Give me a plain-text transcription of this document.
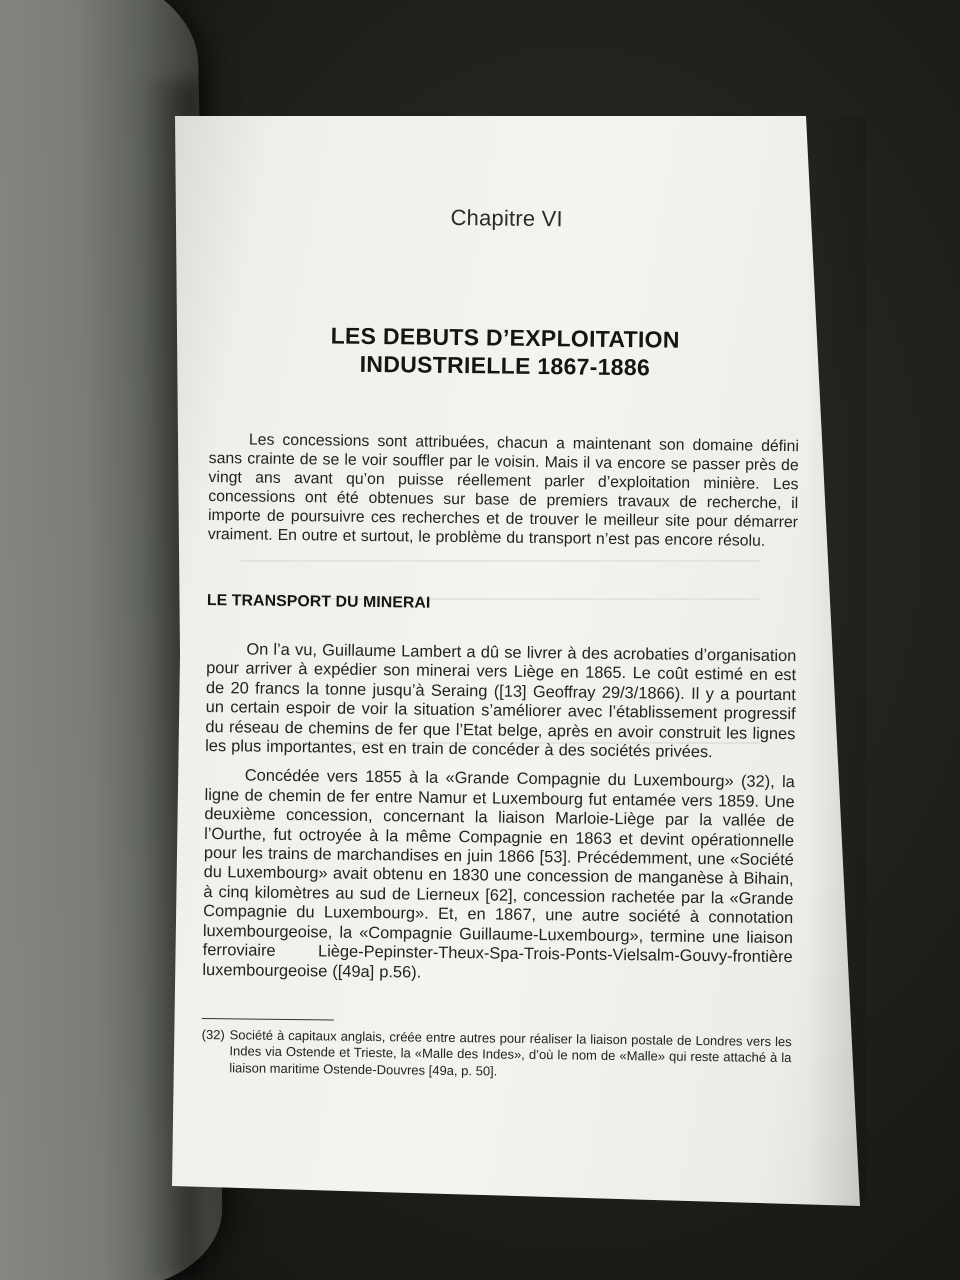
Chapitre VI
LES DEBUTS D’EXPLOITATION
INDUSTRIELLE 1867-1886

Les concessions sont attribuées, chacun a maintenant son domaine défini sans crainte de se le voir souffler par le voisin. Mais il va encore se passer près de vingt ans avant qu’on puisse réellement parler d’exploitation minière. Les concessions ont été obtenues sur base de premiers travaux de recherche, il importe de poursuivre ces recherches et de trouver le meilleur site pour démarrer vraiment. En outre et surtout, le problème du transport n’est pas encore résolu.

LE TRANSPORT DU MINERAI

On l’a vu, Guillaume Lambert a dû se livrer à des acrobaties d’organisation pour arriver à expédier son minerai vers Liège en 1865. Le coût estimé en est de 20 francs la tonne jusqu’à Seraing ([13] Geoffray 29/3/1866). Il y a pourtant un certain espoir de voir la situation s’améliorer avec l’établissement progressif du réseau de chemins de fer que l’Etat belge, après en avoir construit les lignes les plus importantes, est en train de concéder à des sociétés privées.

Concédée vers 1855 à la «Grande Compagnie du Luxembourg» (32), la ligne de chemin de fer entre Namur et Luxembourg fut entamée vers 1859. Une deuxième concession, concernant la liaison Marloie-Liège par la vallée de l’Ourthe, fut octroyée à la même Compagnie en 1863 et devint opérationnelle pour les trains de marchandises en juin 1866 [53]. Précédemment, une «Société du Luxembourg» avait obtenu en 1830 une concession de manganèse à Bihain, à cinq kilomètres au sud de Lierneux [62], concession rachetée par la «Grande Compagnie du Luxembourg». Et, en 1867, une autre société à connotation luxembourgeoise, la «Compagnie Guillaume-Luxembourg», termine une liaison ferroviaire Liège-Pepinster-Theux-Spa-Trois-Ponts-Vielsalm-Gouvy-frontière luxembourgeoise ([49a] p.56).

(32) Société à capitaux anglais, créée entre autres pour réaliser la liaison postale de Londres vers les Indes via Ostende et Trieste, la «Malle des Indes», d’où le nom de «Malle» qui reste attaché à la liaison maritime Ostende-Douvres [49a, p. 50].
